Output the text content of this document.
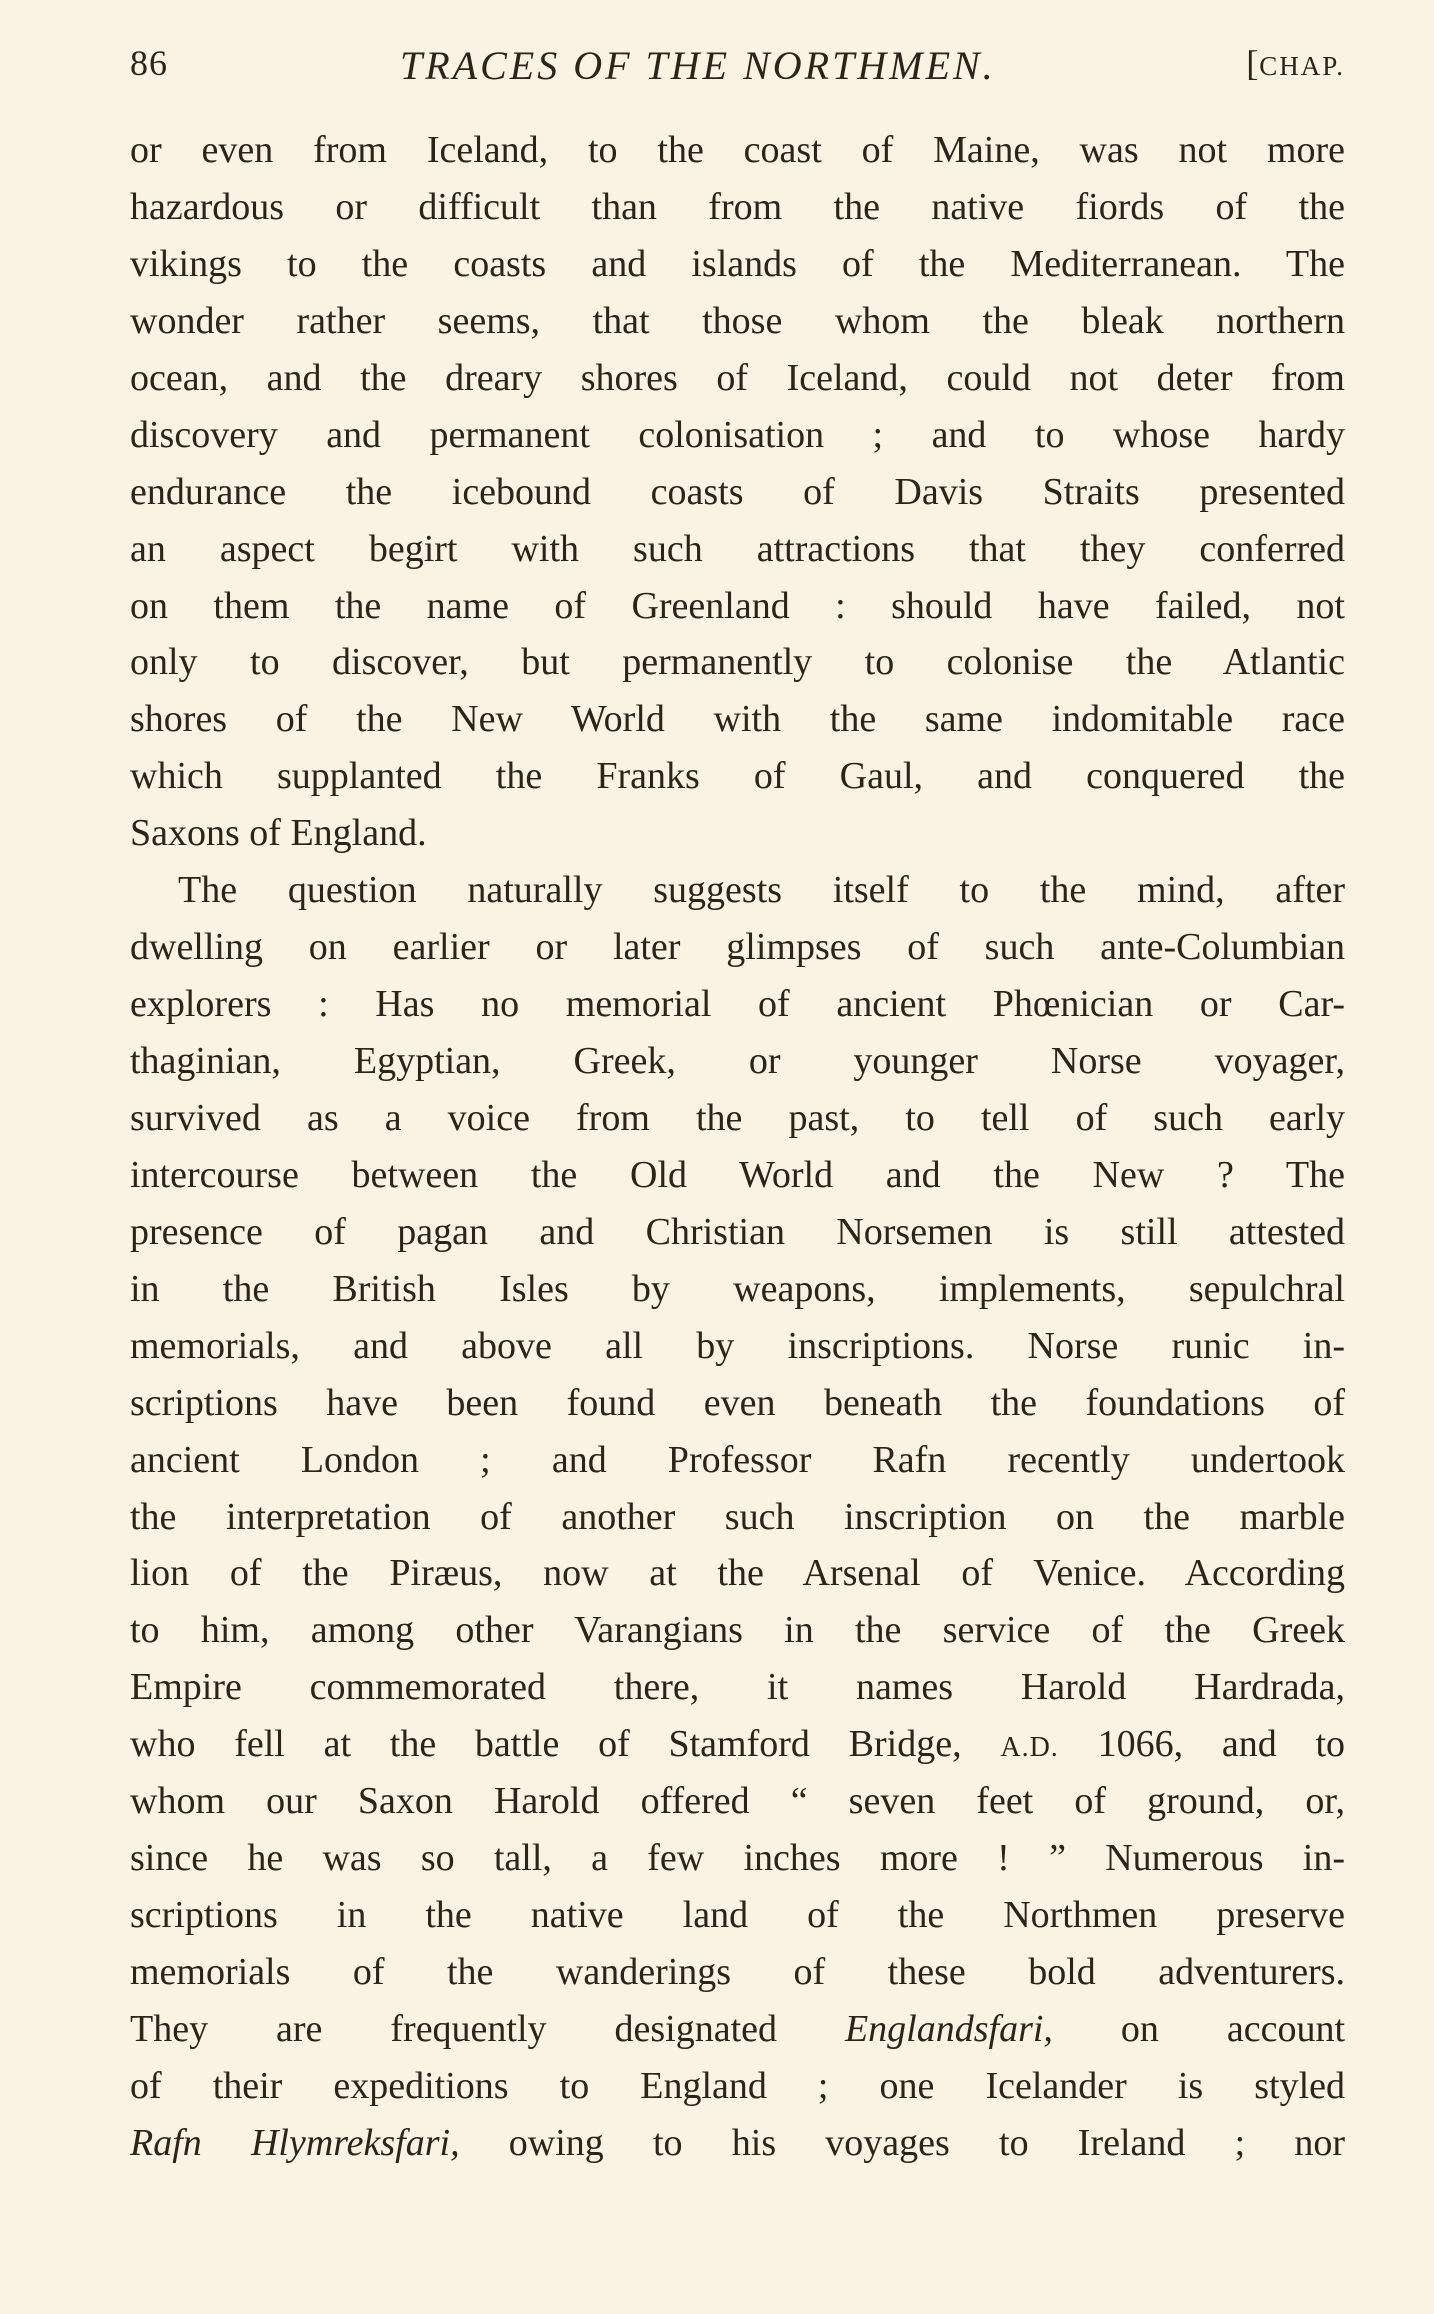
86	TRACES OF THE NORTHMEN.	[CHAP.
or even from Iceland, to the coast of Maine, was not more
hazardous or difficult than from the native fiords of the
vikings to the coasts and islands of the Mediterranean. The
wonder rather seems, that those whom the bleak northern
ocean, and the dreary shores of Iceland, could not deter from
discovery and permanent colonisation ; and to whose hardy
endurance the icebound coasts of Davis Straits presented
an aspect begirt with such attractions that they conferred
on them the name of Greenland : should have failed, not
only to discover, but permanently to colonise the Atlantic
shores of the New World with the same indomitable race
which supplanted the Franks of Gaul, and conquered the
Saxons of England.
The question naturally suggests itself to the mind, after
dwelling on earlier or later glimpses of such ante-Columbian
explorers : Has no memorial of ancient Phœnician or Car-
thaginian, Egyptian, Greek, or younger Norse voyager,
survived as a voice from the past, to tell of such early
intercourse between the Old World and the New ? The
presence of pagan and Christian Norsemen is still attested
in the British Isles by weapons, implements, sepulchral
memorials, and above all by inscriptions. Norse runic in-
scriptions have been found even beneath the foundations of
ancient London ; and Professor Rafn recently undertook
the interpretation of another such inscription on the marble
lion of the Piræus, now at the Arsenal of Venice. According
to him, among other Varangians in the service of the Greek
Empire commemorated there, it names Harold Hardrada,
who fell at the battle of Stamford Bridge, A.D. 1066, and to
whom our Saxon Harold offered “ seven feet of ground, or,
since he was so tall, a few inches more ! ” Numerous in-
scriptions in the native land of the Northmen preserve
memorials of the wanderings of these bold adventurers.
They are frequently designated Englandsfari, on account
of their expeditions to England ; one Icelander is styled
Rafn Hlymreksfari, owing to his voyages to Ireland ; nor
